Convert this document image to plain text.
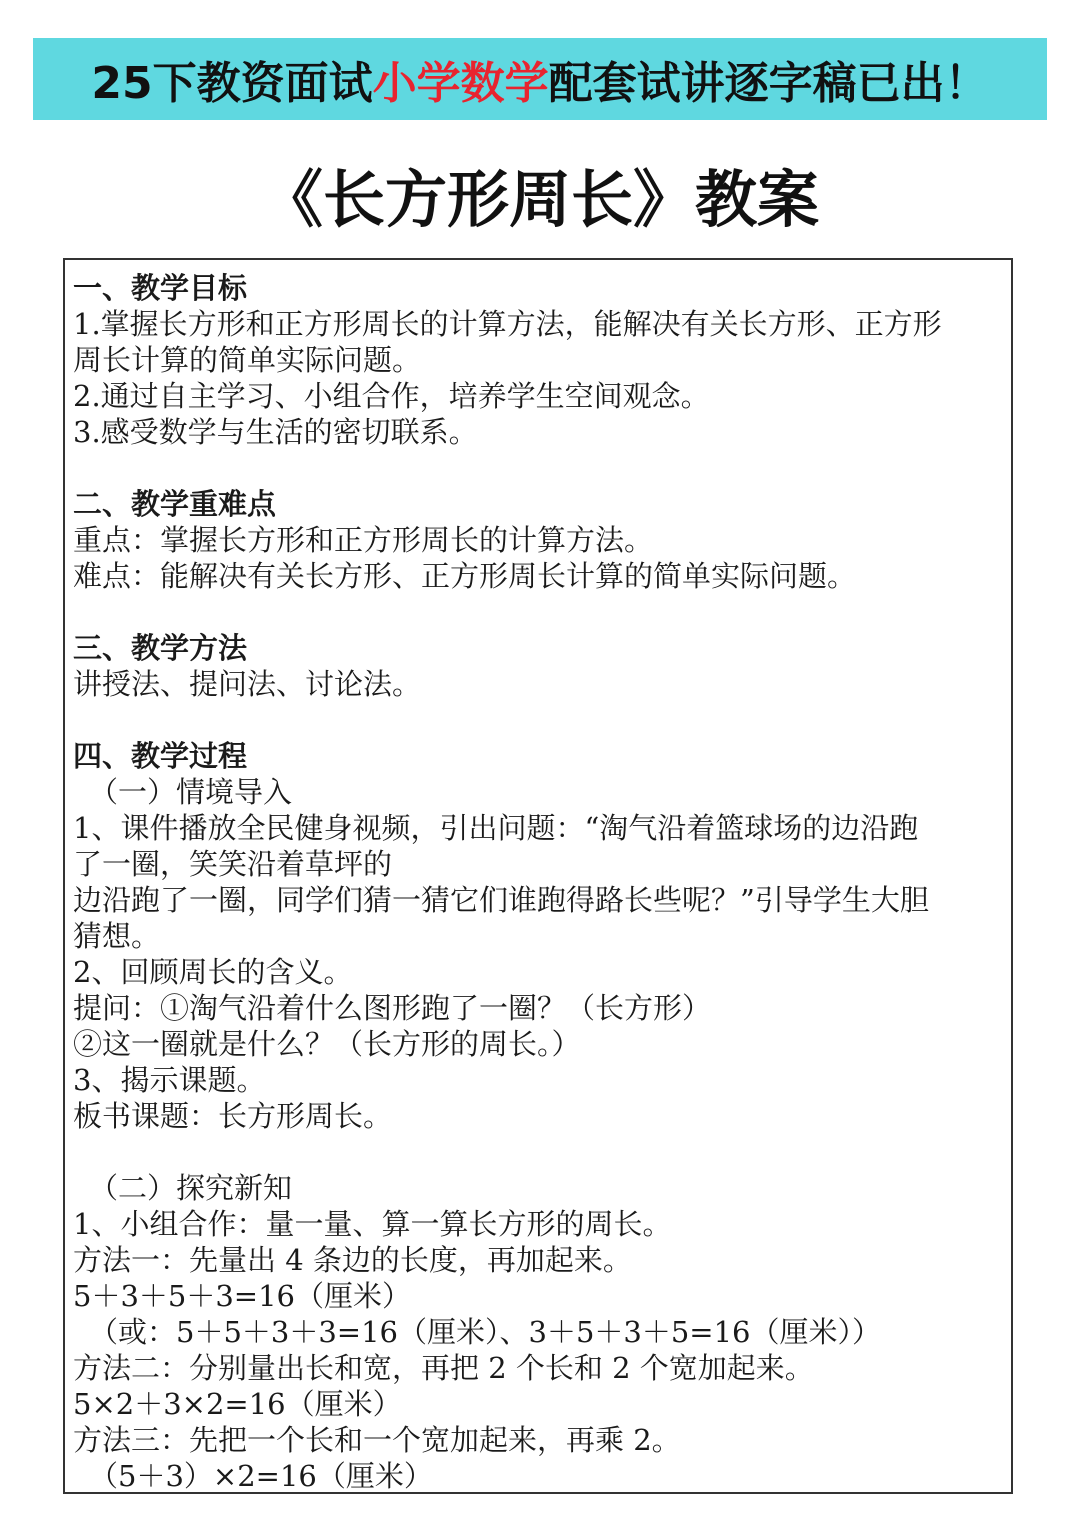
25下教资面试 小学数学 配套试讲逐字稿已出！
《长方形周长》教案
一、教学目标
1.掌握长方形和正方形周长的计算方法，能解决有关长方形、正方形
周长计算的简单实际问题。
2.通过自主学习、小组合作，培养学生空间观念。
3.感受数学与生活的密切联系。
二、教学重难点
重点：掌握长方形和正方形周长的计算方法。
难点：能解决有关长方形、正方形周长计算的简单实际问题。
三、教学方法
讲授法、提问法、讨论法。
四、教学过程
（一）情境导入
1、课件播放全民健身视频，引出问题：“淘气沿着篮球场的边沿跑
了一圈，笑笑沿着草坪的
边沿跑了一圈，同学们猜一猜它们谁跑得路长些呢？”引导学生大胆
猜想。
2、回顾周长的含义。
提问：①淘气沿着什么图形跑了一圈？（长方形）
②这一圈就是什么？（长方形的周长。）
3、揭示课题。
板书课题：长方形周长。
（二）探究新知
1、小组合作：量一量、算一算长方形的周长。
方法一：先量出 4 条边的长度，再加起来。
5＋3＋5＋3=16（厘米）
（或：5＋5＋3＋3=16（厘米）、3＋5＋3＋5=16（厘米））
方法二：分别量出长和宽，再把 2 个长和 2 个宽加起来。
5×2＋3×2=16（厘米）
方法三：先把一个长和一个宽加起来，再乘 2。
（5＋3）×2=16（厘米）
